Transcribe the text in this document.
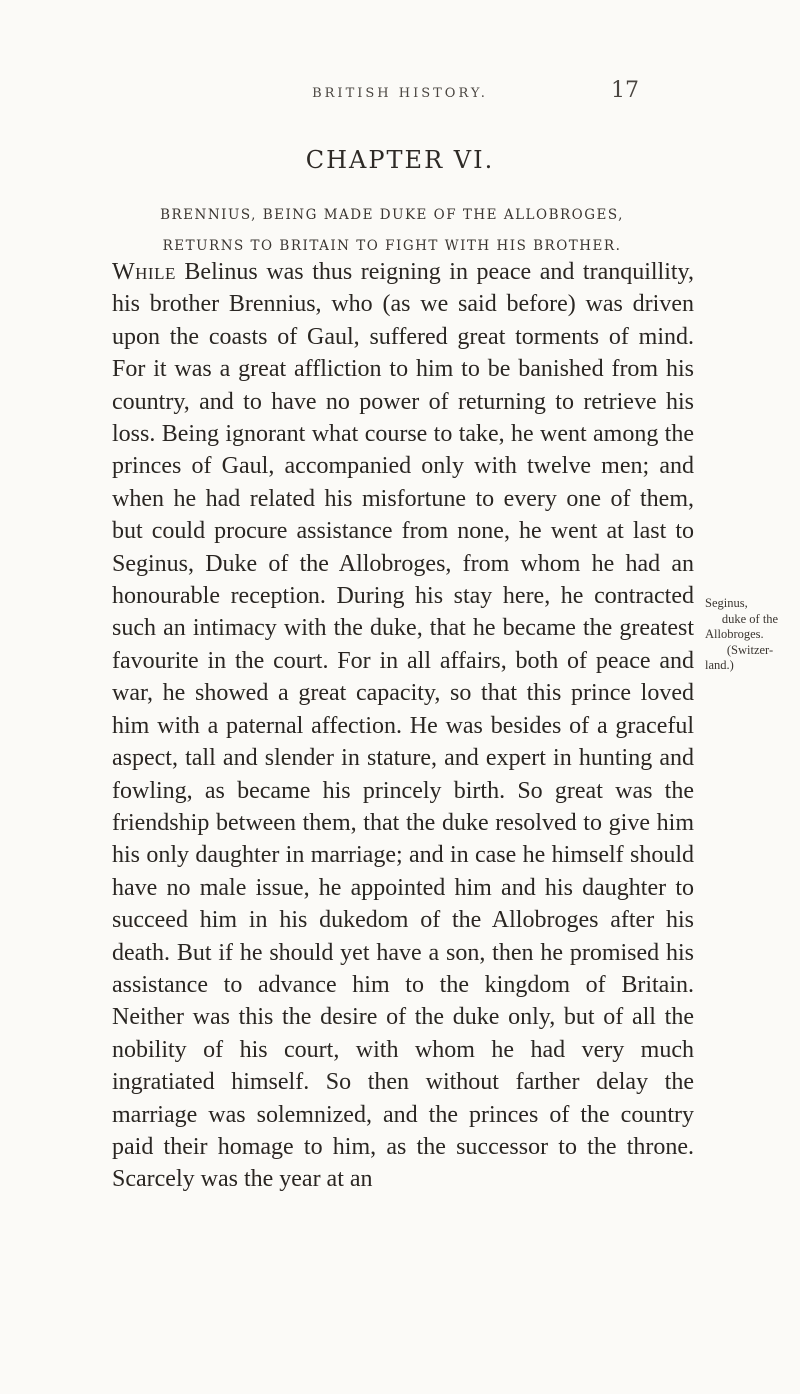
BRITISH HISTORY.	17
CHAPTER VI.
BRENNIUS, BEING MADE DUKE OF THE ALLOBROGES,
RETURNS TO BRITAIN TO FIGHT WITH HIS BROTHER.

While Belinus was thus reigning in peace and tranquillity, his brother Brennius, who (as we said before) was driven upon the coasts of Gaul, suffered great torments of mind. For it was a great affliction to him to be banished from his country, and to have no power of returning to retrieve his loss. Being ignorant what course to take, he went among the princes of Gaul, accompanied only with twelve men; and when he had related his misfortune to every one of them, but could procure assistance from none, he went at last to Seginus, Duke of the Allobroges, from whom he had an honourable reception. During his stay here, he contracted such an intimacy with the duke, that he became the greatest favourite in the court. For in all affairs, both of peace and war, he showed a great capacity, so that this prince loved him with a paternal affection. He was besides of a graceful aspect, tall and slender in stature, and expert in hunting and fowling, as became his princely birth. So great was the friendship between them, that the duke resolved to give him his only daughter in marriage; and in case he himself should have no male issue, he appointed him and his daughter to succeed him in his dukedom of the Allobroges after his death. But if he should yet have a son, then he promised his assistance to advance him to the kingdom of Britain. Neither was this the desire of the duke only, but of all the nobility of his court, with whom he had very much ingratiated himself. So then without farther delay the marriage was solemnized, and the princes of the country paid their homage to him, as the successor to the throne. Scarcely was the year at an

Seginus,
duke of the
Allobroges.
(Switzer-
land.)
